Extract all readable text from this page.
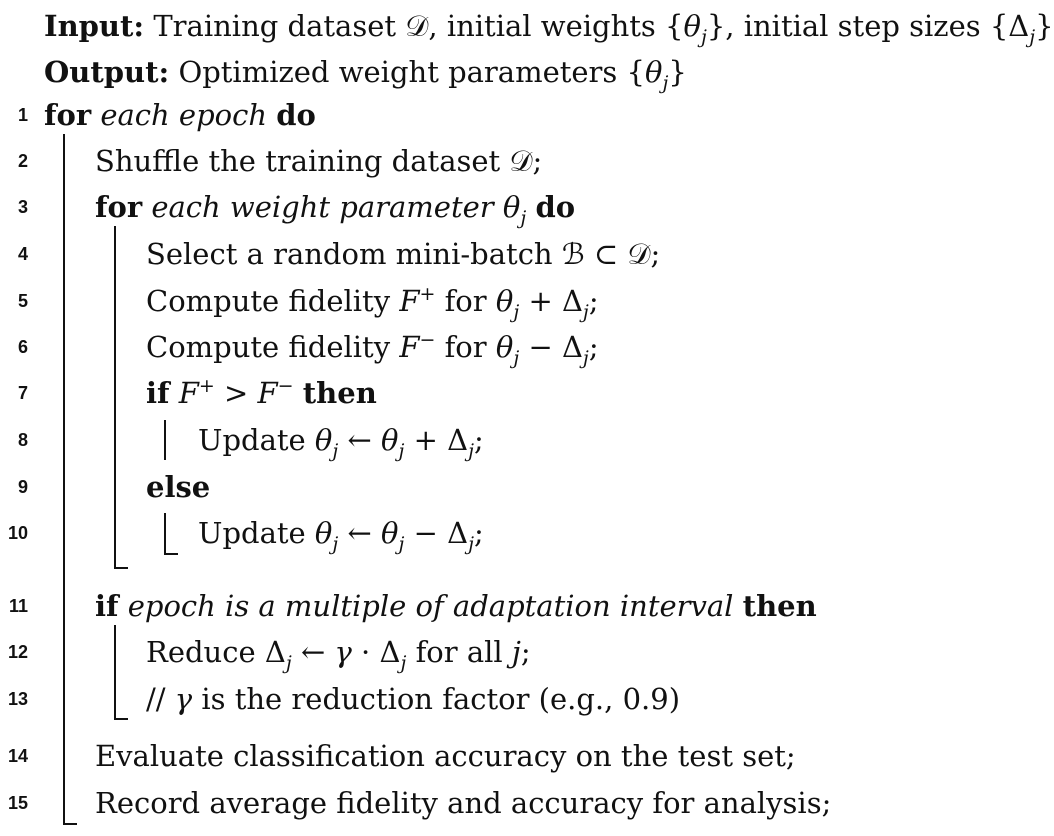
Input: Training dataset 𝒟, initial weights $\{\theta_j\}$, initial step sizes $\{\Delta_j\}$
Output: Optimized weight parameters $\{\theta_j\}$
1 for each epoch do
2 Shuffle the training dataset 𝒟;
3 for each weight parameter $\theta_j$ do
4	Select a random mini-batch ℬ ⊂ 𝒟;
5	Compute fidelity F+ for $\theta_j + \Delta_j$;
6	Compute fidelity F− for $\theta_j - \Delta_j$;
7	if F+ > F− then
8	Update $\theta_j$ ← $\theta_j + \Delta_j$;
9	else
10	Update $\theta_j$ ← $\theta_j - \Delta_j$;
11 if epoch is a multiple of adaptation interval then
12	Reduce $\Delta_j$ ← $\gamma \cdot \Delta_j$ for all j;
13	// γ is the reduction factor (e.g., 0.9)
14 Evaluate classification accuracy on the test set;
15 Record average fidelity and accuracy for analysis;
